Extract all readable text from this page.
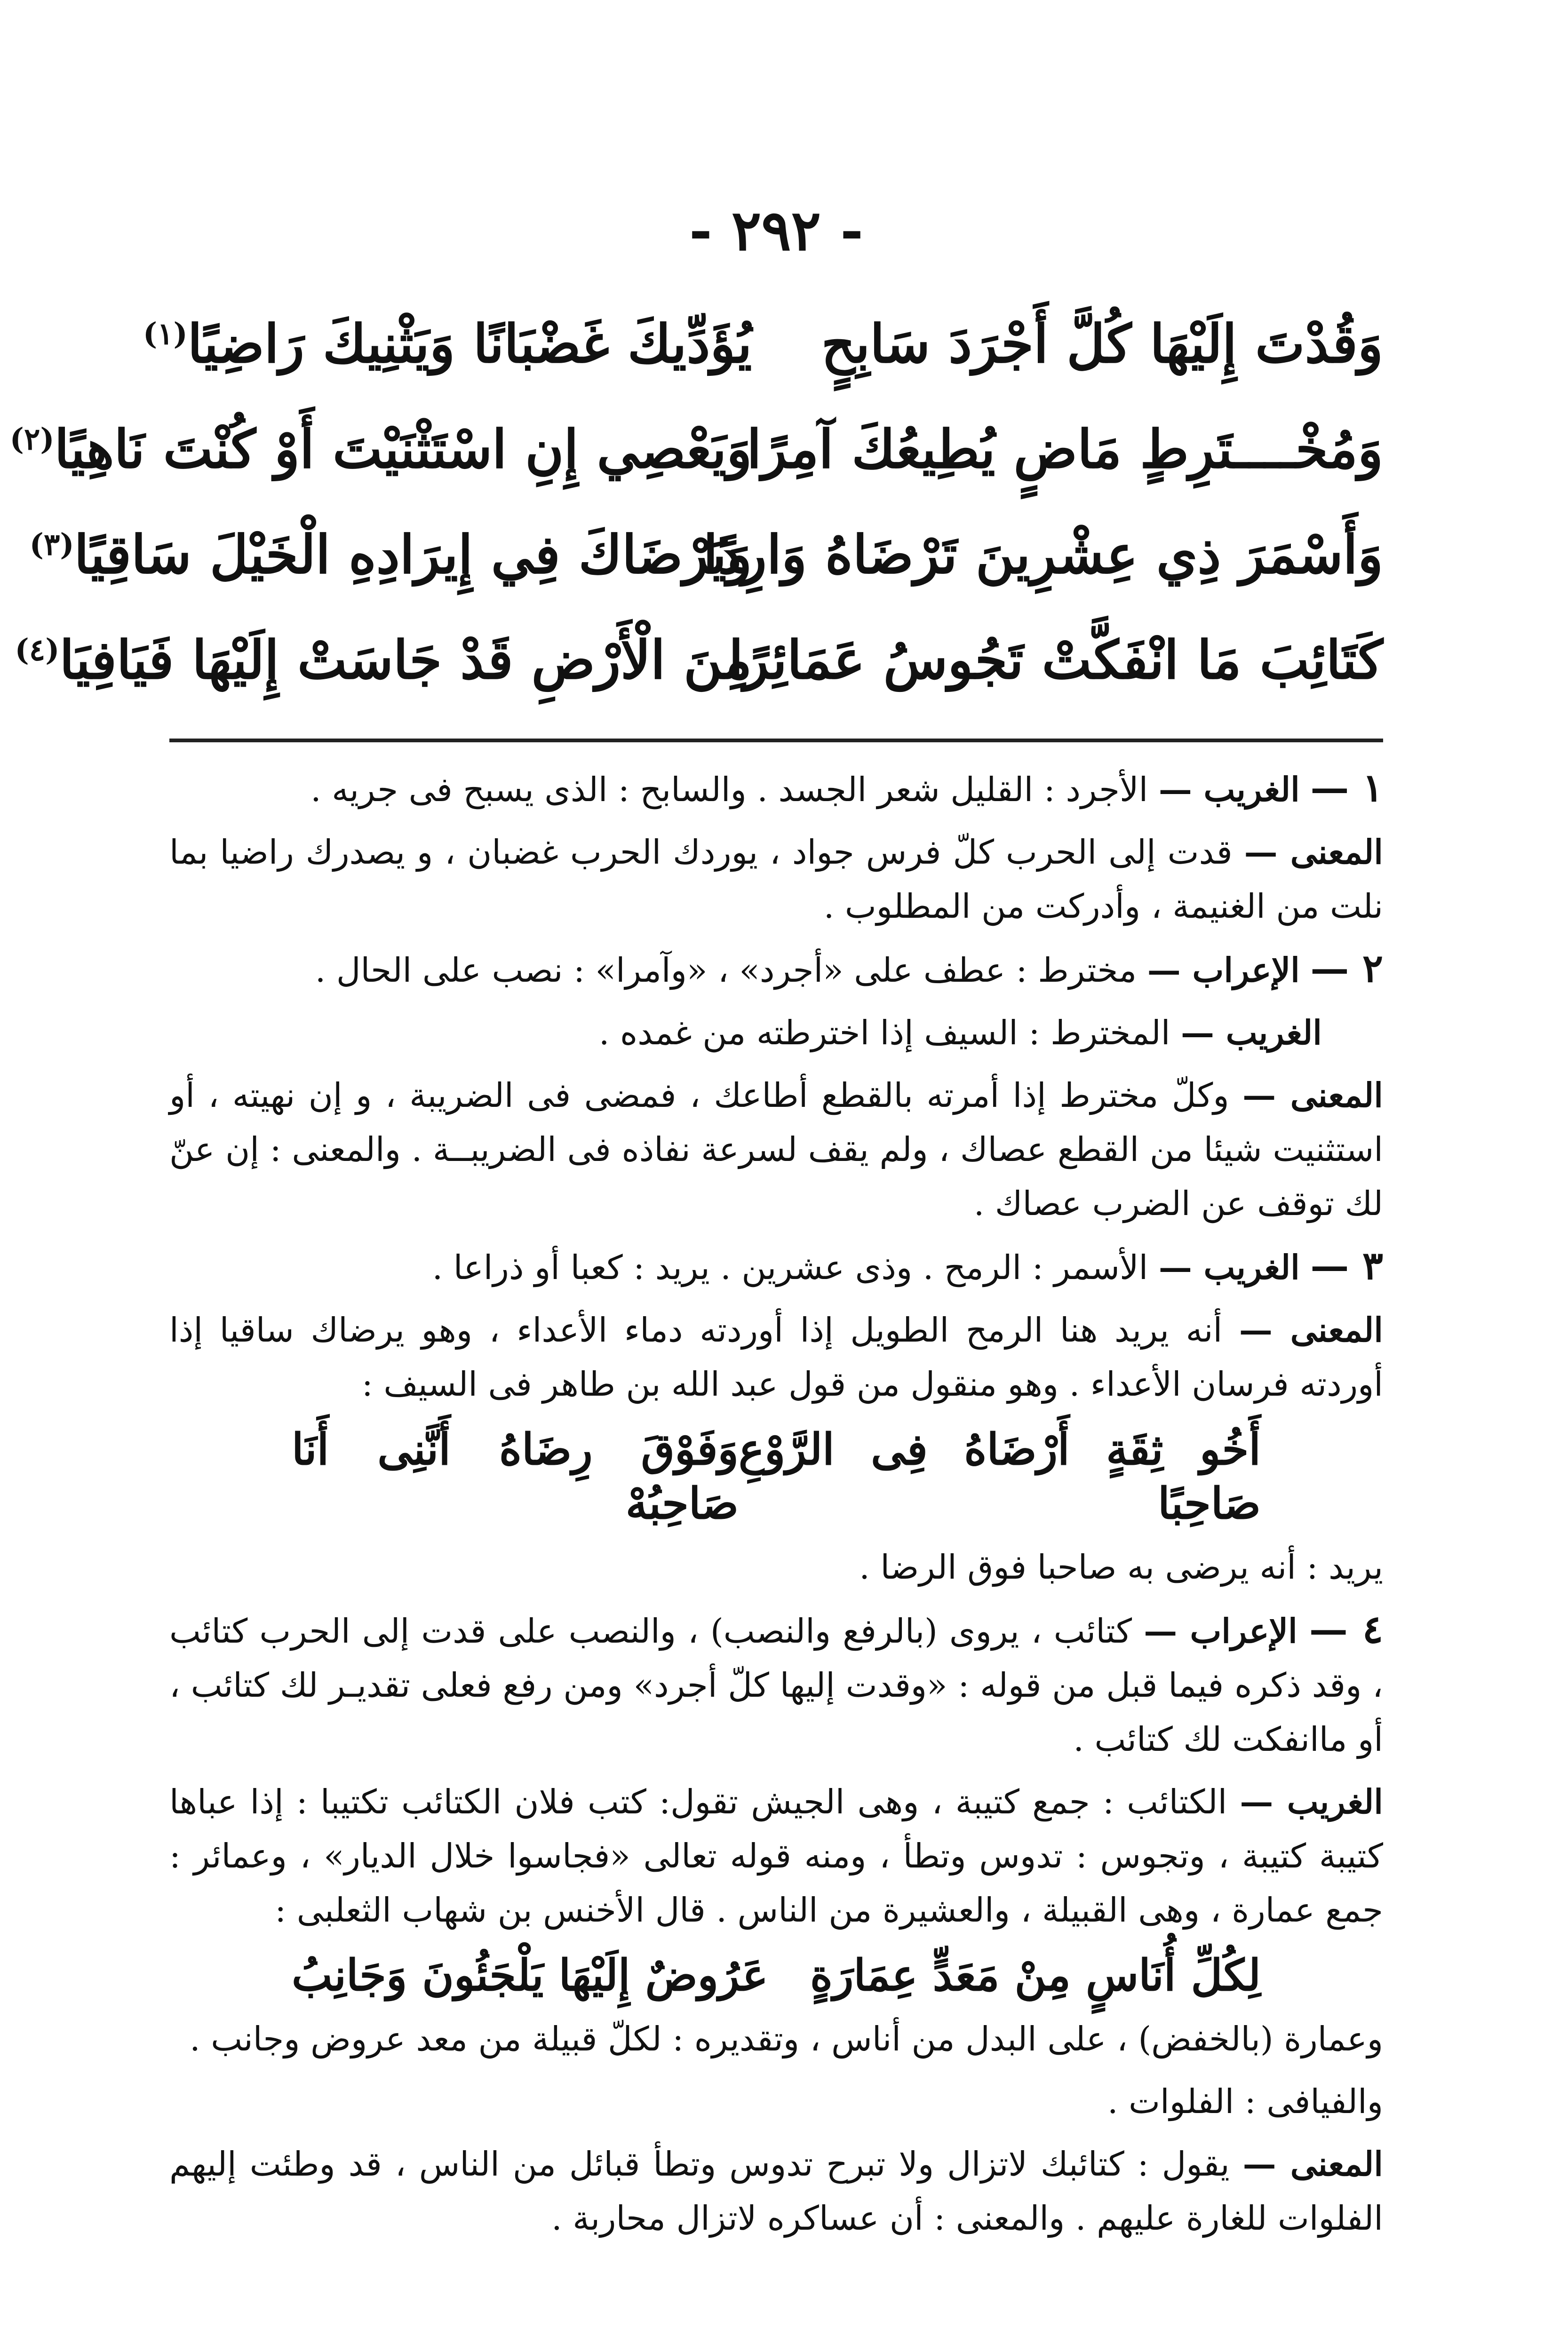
- ٢٩٢ -
وَقُدْتَ إِلَيْهَا كُلَّ أَجْرَدَ سَابِحٍ
يُؤَدِّيكَ غَضْبَانًا وَيَثْنِيكَ رَاضِيًا$^{(١)}$
وَمُخْــــتَرِطٍ مَاضٍ يُطِيعُكَ آمِرًا
وَيَعْصِي إِنِ اسْتَثْنَيْتَ أَوْ كُنْتَ نَاهِيًا$^{(٢)}$
وَأَسْمَرَ ذِي عِشْرِينَ تَرْضَاهُ وَارِدًا
وَيَرْضَاكَ فِي إِيرَادِهِ الْخَيْلَ سَاقِيًا$^{(٣)}$
كَتَائِبَ مَا انْفَكَّتْ تَجُوسُ عَمَائِرًا
مِنَ الْأَرْضِ قَدْ جَاسَتْ إِلَيْهَا فَيَافِيَا$^{(٤)}$

١ — الغريب — الأجرد : القليل شعر الجسد . والسابح : الذى يسبح فى جريه .

المعنى — قدت إلى الحرب كلّ فرس جواد ، يوردك الحرب غضبان ، و يصدرك راضيا بما نلت من الغنيمة ، وأدركت من المطلوب .

٢ — الإعراب — مخترط : عطف على «أجرد» ، «وآمرا» : نصب على الحال .

الغريب — المخترط : السيف إذا اخترطته من غمده .

المعنى — وكلّ مخترط إذا أمرته بالقطع أطاعك ، فمضى فى الضريبة ، و إن نهيته ، أو استثنيت شيئا من القطع عصاك ، ولم يقف لسرعة نفاذه فى الضريبــة . والمعنى : إن عنّ لك توقف عن الضرب عصاك .

٣ — الغريب — الأسمر : الرمح . وذى عشرين . يريد : كعبا أو ذراعا .

المعنى — أنه يريد هنا الرمح الطويل إذا أوردته دماء الأعداء ، وهو يرضاك ساقيا إذا أوردته فرسان الأعداء . وهو منقول من قول عبد الله بن طاهر فى السيف :

أَخُو ثِقَةٍ أَرْضَاهُ فِى الرَّوْعِ صَاحِبًا
وَفَوْقَ رِضَاهُ أَنَّنِى أَنَا صَاحِبُهْ

يريد : أنه يرضى به صاحبا فوق الرضا .

٤ — الإعراب — كتائب ، يروى (بالرفع والنصب) ، والنصب على قدت إلى الحرب كتائب ، وقد ذكره فيما قبل من قوله : «وقدت إليها كلّ أجرد» ومن رفع فعلى تقديـر لك كتائب ، أو ماانفكت لك كتائب .

الغريب — الكتائب : جمع كتيبة ، وهى الجيش تقول: كتب فلان الكتائب تكتيبا : إذا عباها كتيبة كتيبة ، وتجوس : تدوس وتطأ ، ومنه قوله تعالى «فجاسوا خلال الديار» ، وعمائر : جمع عمارة ، وهى القبيلة ، والعشيرة من الناس . قال الأخنس بن شهاب الثعلبى :

لِكُلِّ أُنَاسٍ مِنْ مَعَدٍّ عِمَارَةٍ
عَرُوضٌ إِلَيْهَا يَلْجَئُونَ وَجَانِبُ

وعمارة (بالخفض) ، على البدل من أناس ، وتقديره : لكلّ قبيلة من معد عروض وجانب .

والفيافى : الفلوات .

المعنى — يقول : كتائبك لاتزال ولا تبرح تدوس وتطأ قبائل من الناس ، قد وطئت إليهم الفلوات للغارة عليهم . والمعنى : أن عساكره لاتزال محاربة .
